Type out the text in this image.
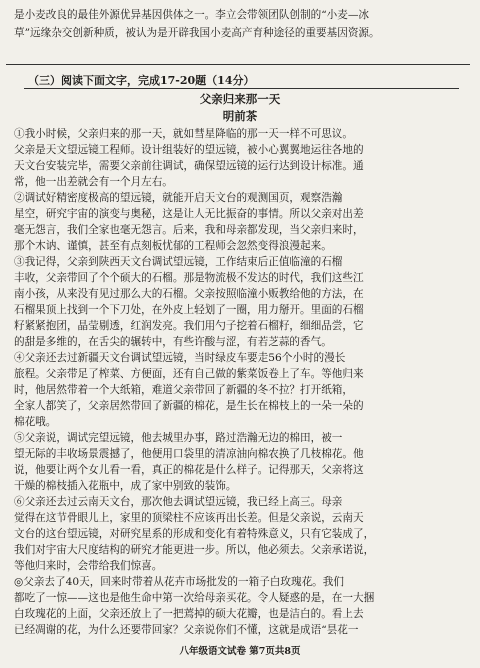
是小麦改良的最佳外源优异基因供体之一。李立会带领团队创制的“小麦—冰
草”远缘杂交创新种质，被认为是开辟我国小麦高产育种途径的重要基因资源。
（三）阅读下面文字，完成17-20题（14分）
父亲归来那一天
明前茶
①我小时候，父亲归来的那一天，就如彗星降临的那一天一样不可思议。
父亲是天文望远镜工程师。设计组装好的望远镜，被小心翼翼地运往各地的
天文台安装完毕，需要父亲前往调试，确保望远镜的运行达到设计标准。通
常，他一出差就会有一个月左右。
②调试好精密度极高的望远镜，就能开启天文台的观测国页，观察浩瀚
星空，研究宇宙的演变与奥秘，这是让人无比振奋的事情。所以父亲对出差
毫无怨言，我们全家也毫无怨言。后来，我和母亲都发现，当父亲归来时，
那个木讷、谨慎，甚至有点刻板忧郁的工程师会忽然变得浪漫起来。
③我记得，父亲到陕西天文台调试望远镜，工作结束后正值临潼的石榴
丰收，父亲带回了个个硕大的石榴。那是物流极不发达的时代，我们这些江
南小孩，从来没有见过那么大的石榴。父亲按照临潼小贩教给他的方法，在
石榴果顶上找到一个下刀处，在外皮上轻划了一圈，用力掰开。里面的石榴
籽紧紧抱团，晶莹剔透，红润发亮。我们用勺子挖着石榴籽，细细品尝，它
的甜是多维的，在舌尖的辗转中，有些许酸与涩，有若芝蒜的香气。
④父亲还去过新疆天文台调试望远镜，当时绿皮车要走56个小时的漫长
旅程。父亲带足了榨菜、方便面，还有自己做的紫菜饭卷上了车。等他归来
时，他居然带着一个大纸箱，难道父亲带回了新疆的冬不拉？打开纸箱，
全家人都笑了，父亲居然带回了新疆的棉花，是生长在棉枝上的一朵一朵的
棉花哦。
⑤父亲说，调试完望远镜，他去城里办事，路过浩瀚无边的棉田，被一
望无际的丰收场景震撼了，他便用口袋里的清凉油向棉农换了几枝棉花。他
说，他要让两个女儿看一看，真正的棉花是什么样子。记得那天，父亲将这
干燥的棉枝插入花瓶中，成了家中别致的装饰。
⑥父亲还去过云南天文台，那次他去调试望远镜，我已经上高三。母亲
觉得在这节骨眼儿上，家里的顶梁柱不应该再出长差。但是父亲说，云南天
文台的这台望远镜，对研究星系的形成和变化有着特殊意义，只有它装成了，
我们对宇宙大尺度结构的研究才能更进一步。所以，他必须去。父亲承诺说，
等他归来时，会带给我们惊喜。
◎父亲去了40天，回来时带着从花卉市场批发的一箱子白玫瑰花。我们
都吃了一惊——这也是他生命中第一次给母亲买花。令人疑惑的是，在一大捆
白玫瑰花的上面，父亲还放上了一把蔫掉的硕大花瓣，也是洁白的。看上去
已经凋谢的花，为什么还要带回家？父亲说你们不懂，这就是成语“昙花一
八年级语文试卷 第7页共8页
